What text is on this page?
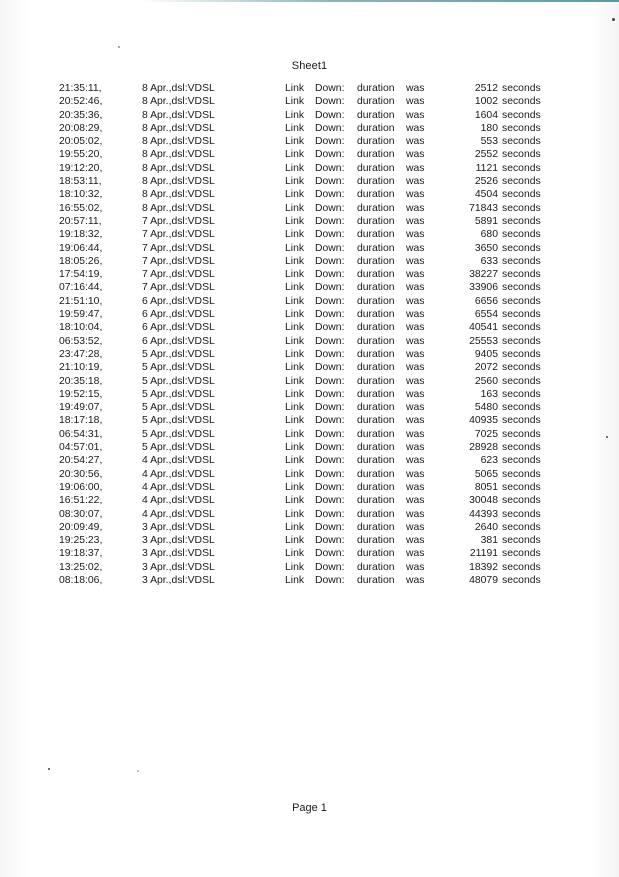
Sheet1
21:35:11,	8 Apr.,dsl:VDSL	Link Down: duration was	2512 seconds
20:52:46,	8 Apr.,dsl:VDSL	Link Down: duration was	1002 seconds
20:35:36,	8 Apr.,dsl:VDSL	Link Down: duration was	1604 seconds
20:08:29,	8 Apr.,dsl:VDSL	Link Down: duration was	180 seconds
20:05:02,	8 Apr.,dsl:VDSL	Link Down: duration was	553 seconds
19:55:20,	8 Apr.,dsl:VDSL	Link Down: duration was	2552 seconds
19:12:20,	8 Apr.,dsl:VDSL	Link Down: duration was	1121 seconds
18:53:11,	8 Apr.,dsl:VDSL	Link Down: duration was	2526 seconds
18:10:32,	8 Apr.,dsl:VDSL	Link Down: duration was	4504 seconds
16:55:02,	8 Apr.,dsl:VDSL	Link Down: duration was	71843 seconds
20:57:11,	7 Apr.,dsl:VDSL	Link Down: duration was	5891 seconds
19:18:32,	7 Apr.,dsl:VDSL	Link Down: duration was	680 seconds
19:06:44,	7 Apr.,dsl:VDSL	Link Down: duration was	3650 seconds
18:05:26,	7 Apr.,dsl:VDSL	Link Down: duration was	633 seconds
17:54:19,	7 Apr.,dsl:VDSL	Link Down: duration was	38227 seconds
07:16:44,	7 Apr.,dsl:VDSL	Link Down: duration was	33906 seconds
21:51:10,	6 Apr.,dsl:VDSL	Link Down: duration was	6656 seconds
19:59:47,	6 Apr.,dsl:VDSL	Link Down: duration was	6554 seconds
18:10:04,	6 Apr.,dsl:VDSL	Link Down: duration was	40541 seconds
06:53:52,	6 Apr.,dsl:VDSL	Link Down: duration was	25553 seconds
23:47:28,	5 Apr.,dsl:VDSL	Link Down: duration was	9405 seconds
21:10:19,	5 Apr.,dsl:VDSL	Link Down: duration was	2072 seconds
20:35:18,	5 Apr.,dsl:VDSL	Link Down: duration was	2560 seconds
19:52:15,	5 Apr.,dsl:VDSL	Link Down: duration was	163 seconds
19:49:07,	5 Apr.,dsl:VDSL	Link Down: duration was	5480 seconds
18:17:18,	5 Apr.,dsl:VDSL	Link Down: duration was	40935 seconds
06:54:31,	5 Apr.,dsl:VDSL	Link Down: duration was	7025 seconds
04:57:01,	5 Apr.,dsl:VDSL	Link Down: duration was	28928 seconds
20:54:27,	4 Apr.,dsl:VDSL	Link Down: duration was	623 seconds
20:30:56,	4 Apr.,dsl:VDSL	Link Down: duration was	5065 seconds
19:06:00,	4 Apr.,dsl:VDSL	Link Down: duration was	8051 seconds
16:51:22,	4 Apr.,dsl:VDSL	Link Down: duration was	30048 seconds
08:30:07,	4 Apr.,dsl:VDSL	Link Down: duration was	44393 seconds
20:09:49,	3 Apr.,dsl:VDSL	Link Down: duration was	2640 seconds
19:25:23,	3 Apr.,dsl:VDSL	Link Down: duration was	381 seconds
19:18:37,	3 Apr.,dsl:VDSL	Link Down: duration was	21191 seconds
13:25:02,	3 Apr.,dsl:VDSL	Link Down: duration was	18392 seconds
08:18:06,	3 Apr.,dsl:VDSL	Link Down: duration was	48079 seconds
Page 1
